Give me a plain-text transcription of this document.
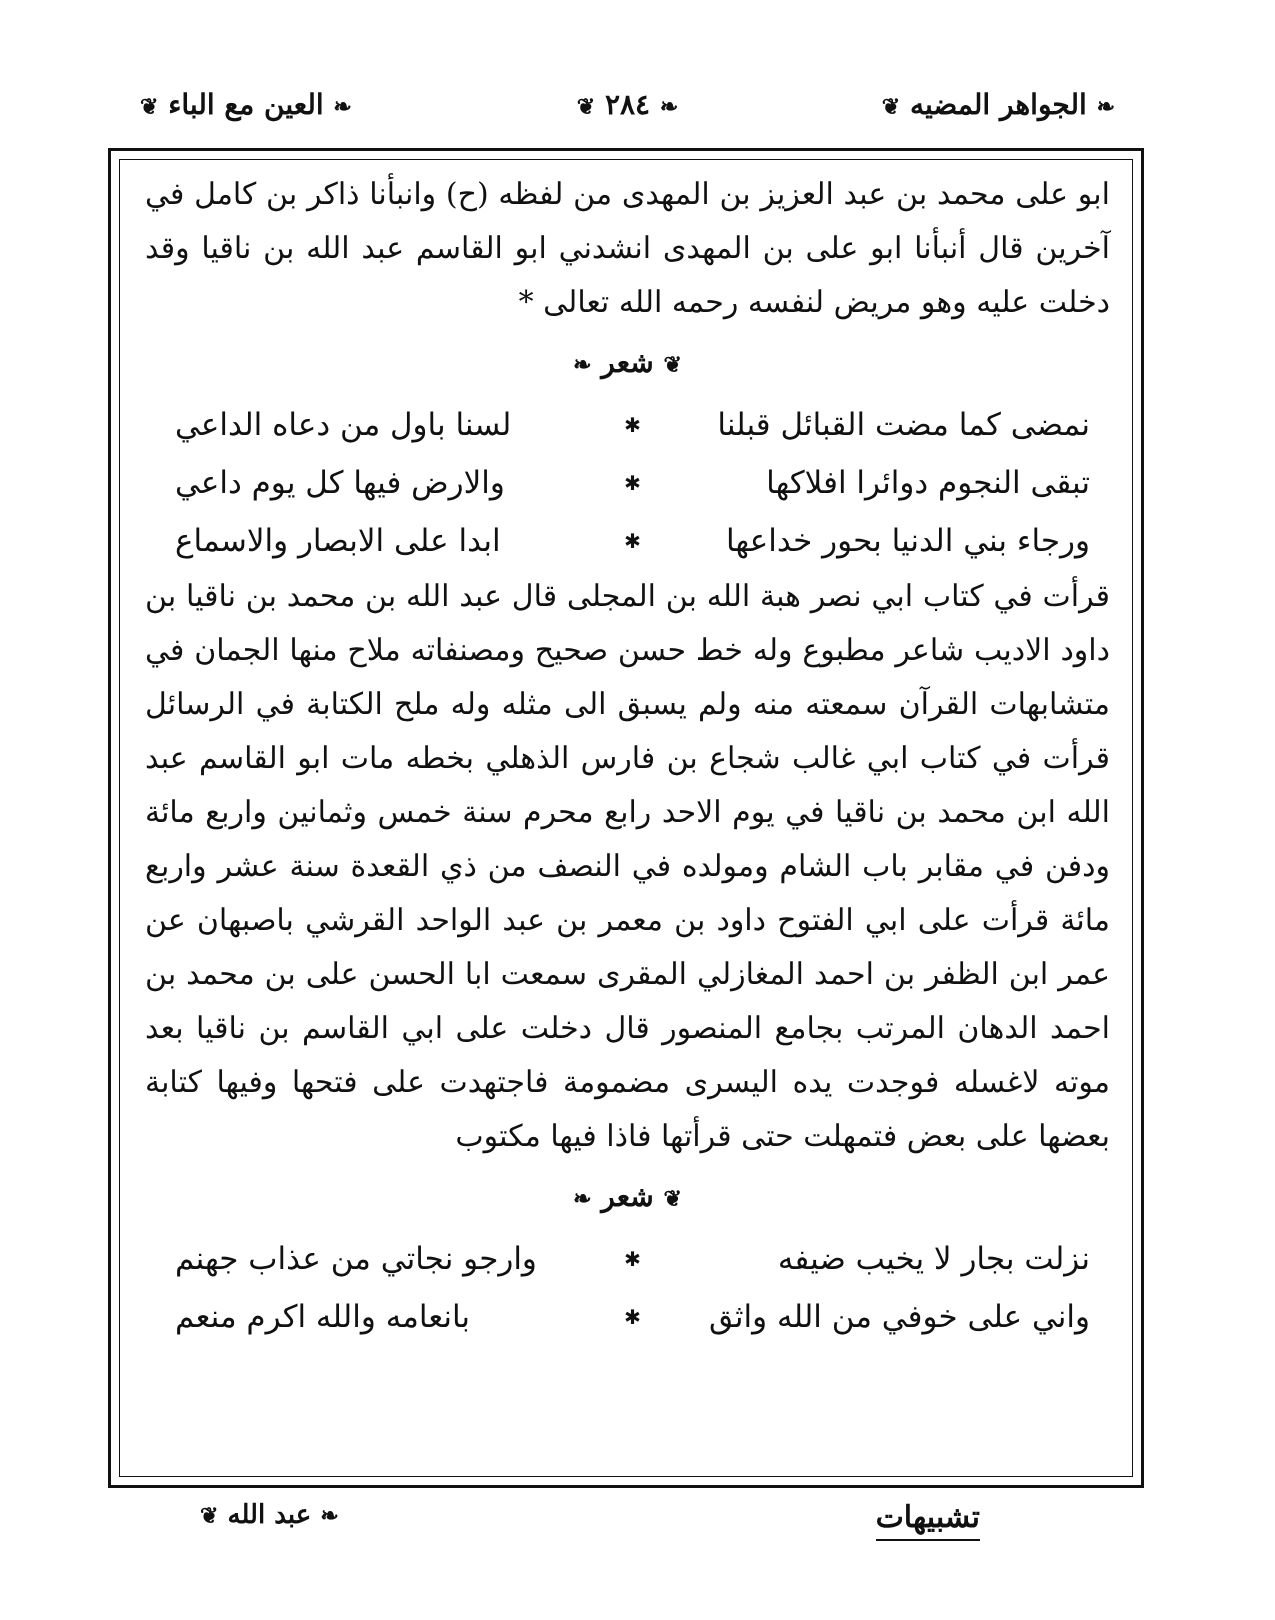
❦ الجواهر المضيه ❧
❦ ٢٨٤ ❧
❦ العين مع الباء ❧

ابو على محمد بن عبد العزيز بن المهدى من لفظه (ح) وانبأنا ذاكر بن كامل في آخرين قال أنبأنا ابو على بن المهدى انشدني ابو القاسم عبد الله بن ناقيا وقد دخلت عليه وهو مريض لنفسه رحمه الله تعالى *

❦ شعر ❧
نمضى كما مضت القبائل قبلنا
✱
لسنا باول من دعاه الداعي
تبقى النجوم دوائرا افلاكها
✱
والارض فيها كل يوم داعي
ورجاء بني الدنيا بحور خداعها
✱
ابدا على الابصار والاسماع

قرأت في كتاب ابي نصر هبة الله بن المجلى قال عبد الله بن محمد بن ناقيا بن داود الاديب شاعر مطبوع وله خط حسن صحيح ومصنفاته ملاح منها الجمان في متشابهات القرآن سمعته منه ولم يسبق الى مثله وله ملح الكتابة في الرسائل قرأت في كتاب ابي غالب شجاع بن فارس الذهلي بخطه مات ابو القاسم عبد الله ابن محمد بن ناقيا في يوم الاحد رابع محرم سنة خمس وثمانين واربع مائة ودفن في مقابر باب الشام ومولده في النصف من ذي القعدة سنة عشر واربع مائة قرأت على ابي الفتوح داود بن معمر بن عبد الواحد القرشي باصبهان عن عمر ابن الظفر بن احمد المغازلي المقرى سمعت ابا الحسن على بن محمد بن احمد الدهان المرتب بجامع المنصور قال دخلت على ابي القاسم بن ناقيا بعد موته لاغسله فوجدت يده اليسرى مضمومة فاجتهدت على فتحها وفيها كتابة بعضها على بعض فتمهلت حتى قرأتها فاذا فيها مكتوب

❦ شعر ❧
نزلت بجار لا يخيب ضيفه
✱
وارجو نجاتي من عذاب جهنم
واني على خوفي من الله واثق
✱
بانعامه والله اكرم منعم
❦ عبد الله ❧	تشبيهات
